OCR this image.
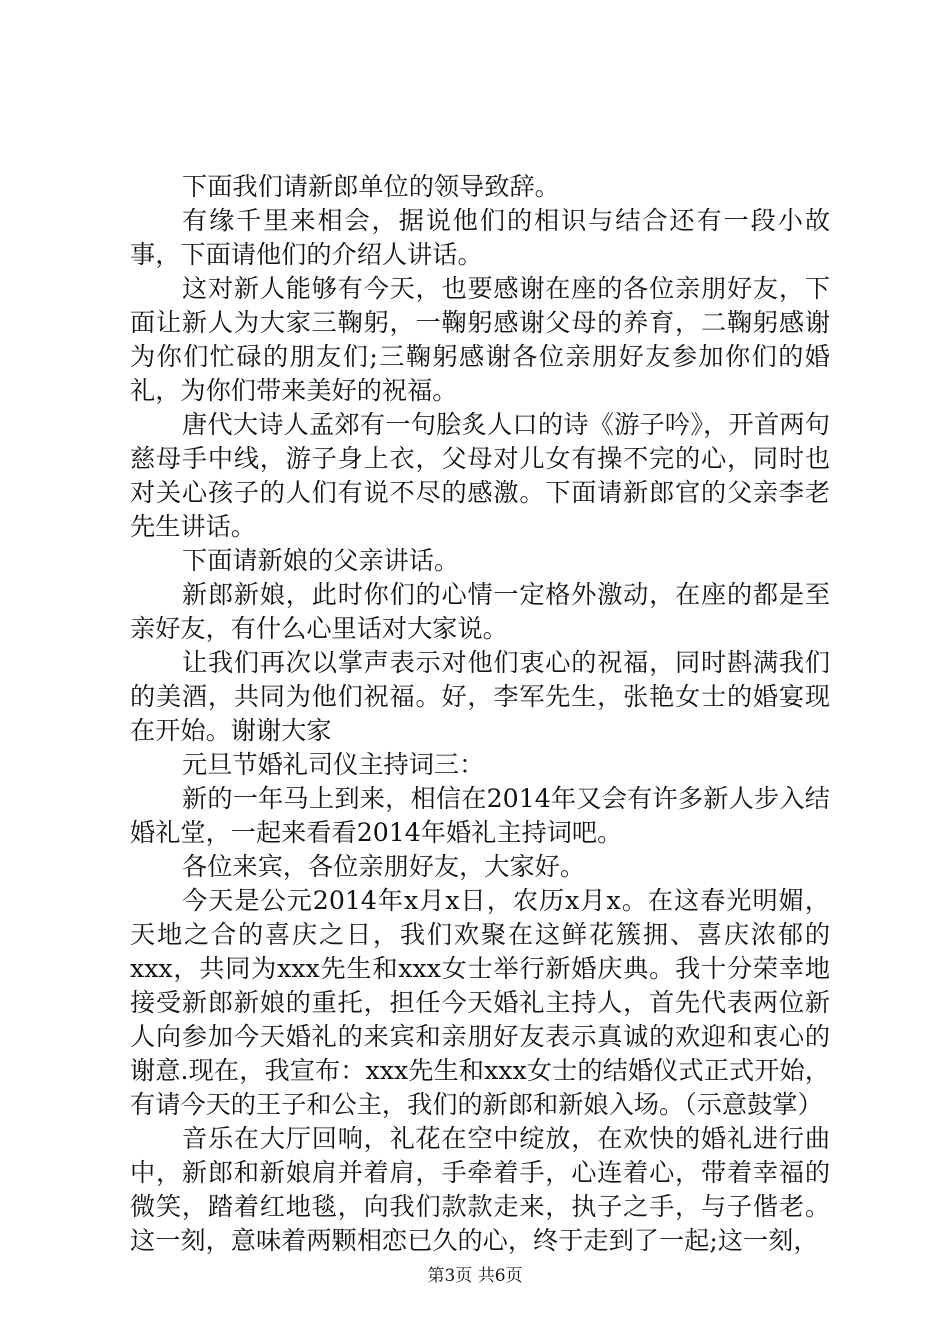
下面我们请新郎单位的领导致辞。

有缘千里来相会，据说他们的相识与结合还有一段小故事，下面请他们的介绍人讲话。

这对新人能够有今天，也要感谢在座的各位亲朋好友，下面让新人为大家三鞠躬，一鞠躬感谢父母的养育，二鞠躬感谢为你们忙碌的朋友们;三鞠躬感谢各位亲朋好友参加你们的婚礼，为你们带来美好的祝福。

唐代大诗人孟郊有一句脍炙人口的诗《游子吟》，开首两句慈母手中线，游子身上衣，父母对儿女有操不完的心，同时也对关心孩子的人们有说不尽的感激。下面请新郎官的父亲李老先生讲话。

下面请新娘的父亲讲话。

新郎新娘，此时你们的心情一定格外激动，在座的都是至亲好友，有什么心里话对大家说。

让我们再次以掌声表示对他们衷心的祝福，同时斟满我们的美酒，共同为他们祝福。好，李军先生，张艳女士的婚宴现在开始。谢谢大家

元旦节婚礼司仪主持词三：

新的一年马上到来，相信在2014年又会有许多新人步入结婚礼堂，一起来看看2014年婚礼主持词吧。

各位来宾，各位亲朋好友，大家好。

今天是公元2014年x月x日，农历x月x。在这春光明媚，天地之合的喜庆之日，我们欢聚在这鲜花簇拥、喜庆浓郁的xxx，共同为xxx先生和xxx女士举行新婚庆典。我十分荣幸地接受新郎新娘的重托，担任今天婚礼主持人，首先代表两位新人向参加今天婚礼的来宾和亲朋好友表示真诚的欢迎和衷心的谢意.现在，我宣布：xxx先生和xxx女士的结婚仪式正式开始，有请今天的王子和公主，我们的新郎和新娘入场。（示意鼓掌）

音乐在大厅回响，礼花在空中绽放，在欢快的婚礼进行曲中，新郎和新娘肩并着肩，手牵着手，心连着心，带着幸福的微笑，踏着红地毯，向我们款款走来，执子之手，与子偕老。这一刻，意味着两颗相恋已久的心，终于走到了一起;这一刻，

第3页 共6页
